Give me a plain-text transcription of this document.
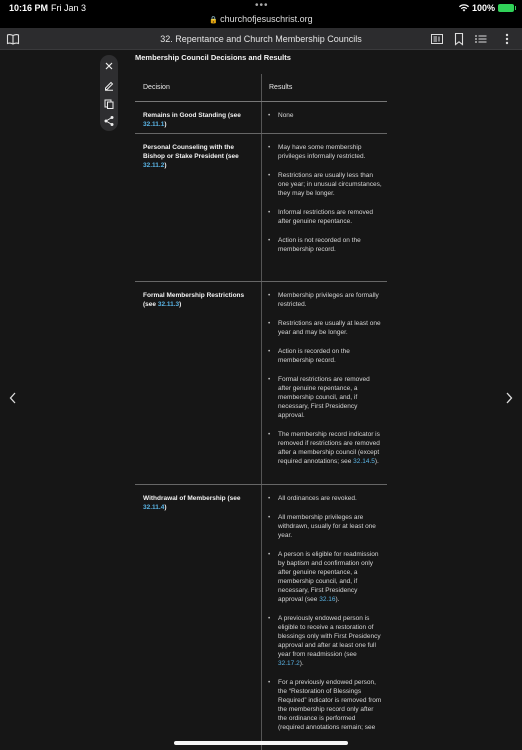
10:16 PM Fri Jan 3	•••
🔒 churchofjesuschrist.org
100%
32. Repentance and Church Membership Councils
Membership Council Decisions and Results
Decision	Results
Remains in Good Standing (see 32.11.1)
• None
Personal Counseling with the Bishop or Stake President (see 32.11.2)
• May have some membership privileges informally restricted.
• Restrictions are usually less than one year; in unusual circumstances, they may be longer.
• Informal restrictions are removed after genuine repentance.
• Action is not recorded on the membership record.
Formal Membership Restrictions (see 32.11.3)
• Membership privileges are formally restricted.
• Restrictions are usually at least one year and may be longer.
• Action is recorded on the membership record.
• Formal restrictions are removed after genuine repentance, a membership council, and, if necessary, First Presidency approval.
• The membership record indicator is removed if restrictions are removed after a membership council (except required annotations; see 32.14.5).
Withdrawal of Membership (see 32.11.4)
• All ordinances are revoked.
• All membership privileges are withdrawn, usually for at least one year.
• A person is eligible for readmission by baptism and confirmation only after genuine repentance, a membership council, and, if necessary, First Presidency approval (see 32.16).
• A previously endowed person is eligible to receive a restoration of blessings only with First Presidency approval and after at least one full year from readmission (see 32.17.2).
• For a previously endowed person, the “Restoration of Blessings Required” indicator is removed from the membership record only after the ordinance is performed (required annotations remain; see
